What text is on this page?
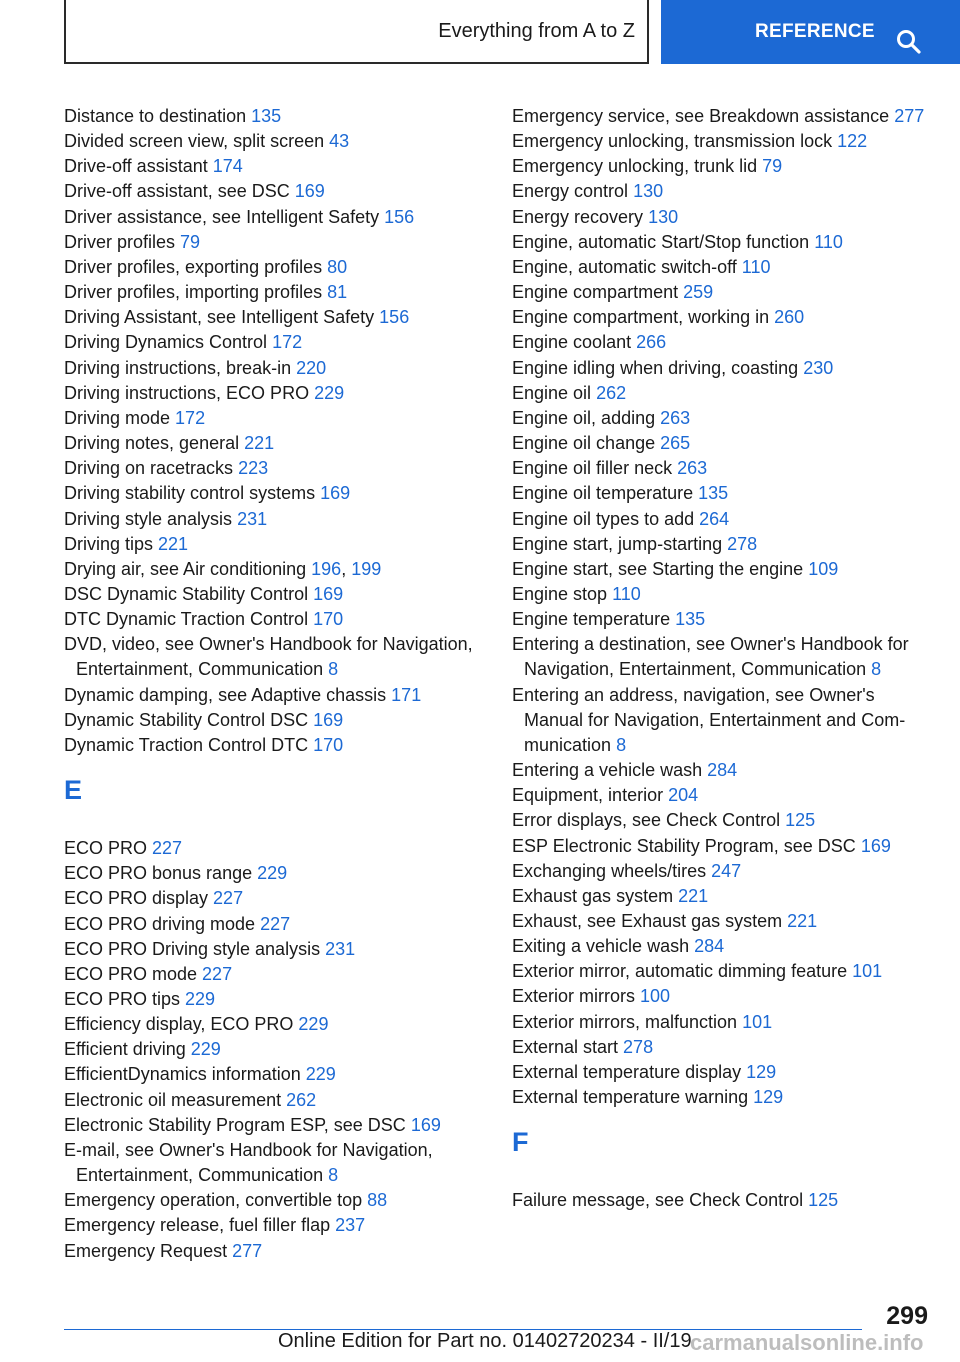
Everything from A to Z	REFERENCE
Distance to destination 135
Divided screen view, split screen 43
Drive-off assistant 174
Drive-off assistant, see DSC 169
Driver assistance, see Intelligent Safety 156
Driver profiles 79
Driver profiles, exporting profiles 80
Driver profiles, importing profiles 81
Driving Assistant, see Intelligent Safety 156
Driving Dynamics Control 172
Driving instructions, break-in 220
Driving instructions, ECO PRO 229
Driving mode 172
Driving notes, general 221
Driving on racetracks 223
Driving stability control systems 169
Driving style analysis 231
Driving tips 221
Drying air, see Air conditioning 196, 199
DSC Dynamic Stability Control 169
DTC Dynamic Traction Control 170
DVD, video, see Owner's Handbook for Navigation, Entertainment, Communication 8
Dynamic damping, see Adaptive chassis 171
Dynamic Stability Control DSC 169
Dynamic Traction Control DTC 170
E
ECO PRO 227
ECO PRO bonus range 229
ECO PRO display 227
ECO PRO driving mode 227
ECO PRO Driving style analysis 231
ECO PRO mode 227
ECO PRO tips 229
Efficiency display, ECO PRO 229
Efficient driving 229
EfficientDynamics information 229
Electronic oil measurement 262
Electronic Stability Program ESP, see DSC 169
E-mail, see Owner's Handbook for Navigation, Entertainment, Communication 8
Emergency operation, convertible top 88
Emergency release, fuel filler flap 237
Emergency Request 277
Emergency service, see Breakdown assistance 277
Emergency unlocking, transmission lock 122
Emergency unlocking, trunk lid 79
Energy control 130
Energy recovery 130
Engine, automatic Start/Stop function 110
Engine, automatic switch-off 110
Engine compartment 259
Engine compartment, working in 260
Engine coolant 266
Engine idling when driving, coasting 230
Engine oil 262
Engine oil, adding 263
Engine oil change 265
Engine oil filler neck 263
Engine oil temperature 135
Engine oil types to add 264
Engine start, jump-starting 278
Engine start, see Starting the engine 109
Engine stop 110
Engine temperature 135
Entering a destination, see Owner's Handbook for Navigation, Entertainment, Communication 8
Entering an address, navigation, see Owner's Manual for Navigation, Entertainment and Communication 8
Entering a vehicle wash 284
Equipment, interior 204
Error displays, see Check Control 125
ESP Electronic Stability Program, see DSC 169
Exchanging wheels/tires 247
Exhaust gas system 221
Exhaust, see Exhaust gas system 221
Exiting a vehicle wash 284
Exterior mirror, automatic dimming feature 101
Exterior mirrors 100
Exterior mirrors, malfunction 101
External start 278
External temperature display 129
External temperature warning 129
F
Failure message, see Check Control 125
299
Online Edition for Part no. 01402720234 - II/19
carmanualsonline.info
